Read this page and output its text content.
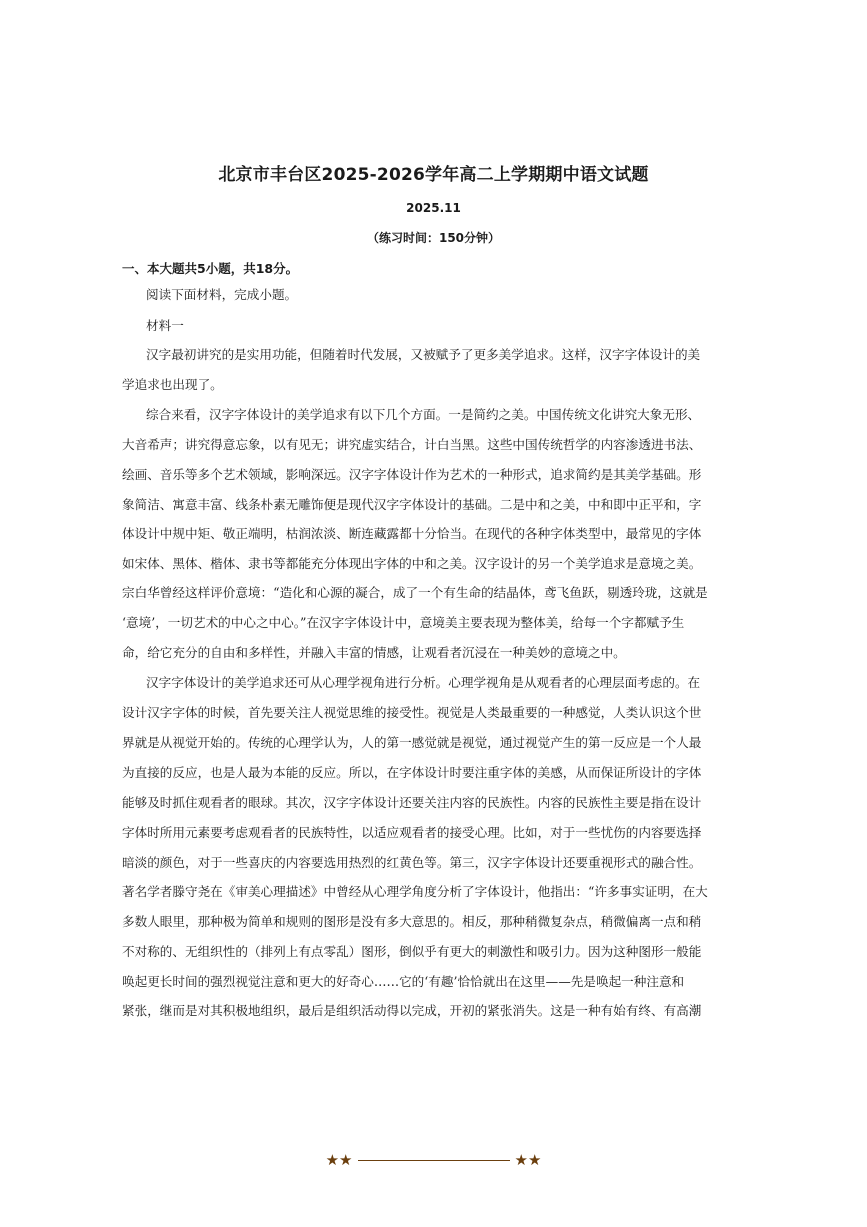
北京市丰台区2025-2026学年高二上学期期中语文试题
2025.11
（练习时间：150分钟）
一、本大题共5小题，共18分。
阅读下面材料，完成小题。
材料一
汉字最初讲究的是实用功能，但随着时代发展，又被赋予了更多美学追求。这样，汉字字体设计的美
学追求也出现了。
综合来看，汉字字体设计的美学追求有以下几个方面。一是简约之美。中国传统文化讲究大象无形、
大音希声；讲究得意忘象，以有见无；讲究虚实结合，计白当黑。这些中国传统哲学的内容渗透进书法、
绘画、音乐等多个艺术领域，影响深远。汉字字体设计作为艺术的一种形式，追求简约是其美学基础。形
象简洁、寓意丰富、线条朴素无雕饰便是现代汉字字体设计的基础。二是中和之美，中和即中正平和，字
体设计中规中矩、敬正端明，枯润浓淡、断连藏露都十分恰当。在现代的各种字体类型中，最常见的字体
如宋体、黑体、楷体、隶书等都能充分体现出字体的中和之美。汉字设计的另一个美学追求是意境之美。
宗白华曾经这样评价意境：“造化和心源的凝合，成了一个有生命的结晶体，鸢飞鱼跃，剔透玲珑，这就是
‘意境’，一切艺术的中心之中心。”在汉字字体设计中，意境美主要表现为整体美，给每一个字都赋予生
命，给它充分的自由和多样性，并融入丰富的情感，让观看者沉浸在一种美妙的意境之中。
汉字字体设计的美学追求还可从心理学视角进行分析。心理学视角是从观看者的心理层面考虑的。在
设计汉字字体的时候，首先要关注人视觉思维的接受性。视觉是人类最重要的一种感觉，人类认识这个世
界就是从视觉开始的。传统的心理学认为，人的第一感觉就是视觉，通过视觉产生的第一反应是一个人最
为直接的反应，也是人最为本能的反应。所以，在字体设计时要注重字体的美感，从而保证所设计的字体
能够及时抓住观看者的眼球。其次，汉字字体设计还要关注内容的民族性。内容的民族性主要是指在设计
字体时所用元素要考虑观看者的民族特性，以适应观看者的接受心理。比如，对于一些忧伤的内容要选择
暗淡的颜色，对于一些喜庆的内容要选用热烈的红黄色等。第三，汉字字体设计还要重视形式的融合性。
著名学者滕守尧在《审美心理描述》中曾经从心理学角度分析了字体设计，他指出：“许多事实证明，在大
多数人眼里，那种极为简单和规则的图形是没有多大意思的。相反，那种稍微复杂点，稍微偏离一点和稍
不对称的、无组织性的（排列上有点零乱）图形，倒似乎有更大的刺激性和吸引力。因为这种图形一般能
唤起更长时间的强烈视觉注意和更大的好奇心……它的‘有趣’恰恰就出在这里——先是唤起一种注意和
紧张，继而是对其积极地组织，最后是组织活动得以完成，开初的紧张消失。这是一种有始有终、有高潮
★★	★★
